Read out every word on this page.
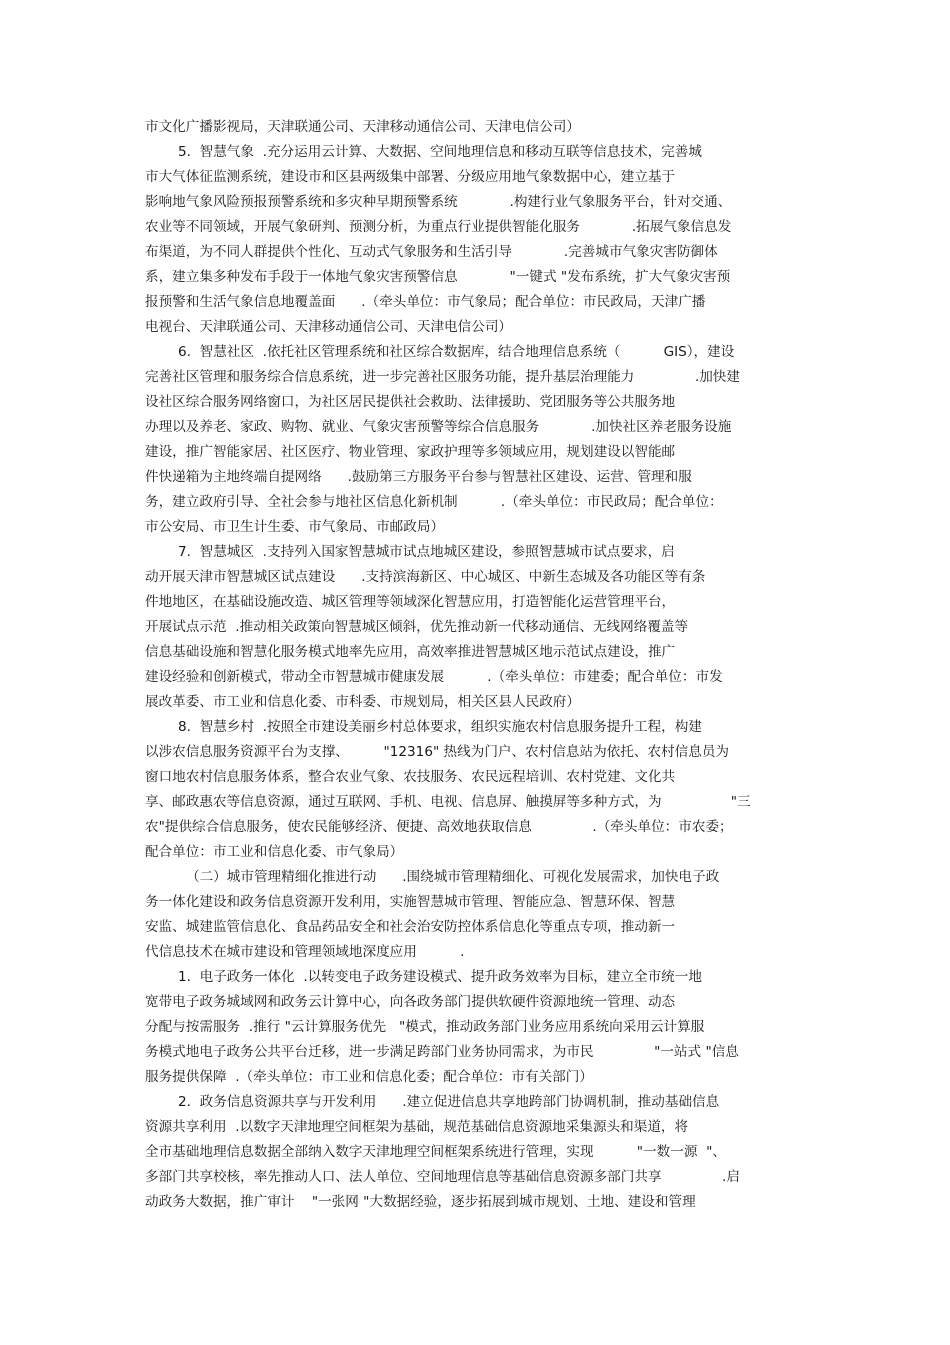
市文化广播影视局，天津联通公司、天津移动通信公司、天津电信公司）
5.  智慧气象  .充分运用云计算、大数据、空间地理信息和移动互联等信息技术，完善城
市大气体征监测系统，建设市和区县两级集中部署、分级应用地气象数据中心，建立基于
影响地气象风险预报预警系统和多灾种早期预警系统            .构建行业气象服务平台，针对交通、
农业等不同领域，开展气象研判、预测分析，为重点行业提供智能化服务            .拓展气象信息发
布渠道，为不同人群提供个性化、互动式气象服务和生活引导            .完善城市气象灾害防御体
系，建立集多种发布手段于一体地气象灾害预警信息            "一键式 "发布系统，扩大气象灾害预
报预警和生活气象信息地覆盖面      .（牵头单位：市气象局；配合单位：市民政局，天津广播
电视台、天津联通公司、天津移动通信公司、天津电信公司）
6.  智慧社区  .依托社区管理系统和社区综合数据库，结合地理信息系统（          GIS），建设
完善社区管理和服务综合信息系统，进一步完善社区服务功能，提升基层治理能力              .加快建
设社区综合服务网络窗口，为社区居民提供社会救助、法律援助、党团服务等公共服务地
办理以及养老、家政、购物、就业、气象灾害预警等综合信息服务            .加快社区养老服务设施
建设，推广智能家居、社区医疗、物业管理、家政护理等多领域应用，规划建设以智能邮
件快递箱为主地终端自提网络      .鼓励第三方服务平台参与智慧社区建设、运营、管理和服
务，建立政府引导、全社会参与地社区信息化新机制          .（牵头单位：市民政局；配合单位：
市公安局、市卫生计生委、市气象局、市邮政局）
7.  智慧城区  .支持列入国家智慧城市试点地城区建设，参照智慧城市试点要求，启
动开展天津市智慧城区试点建设      .支持滨海新区、中心城区、中新生态城及各功能区等有条
件地地区，在基础设施改造、城区管理等领域深化智慧应用，打造智能化运营管理平台，
开展试点示范  .推动相关政策向智慧城区倾斜，优先推动新一代移动通信、无线网络覆盖等
信息基础设施和智慧化服务模式地率先应用，高效率推进智慧城区地示范试点建设，推广
建设经验和创新模式，带动全市智慧城市健康发展          .（牵头单位：市建委；配合单位：市发
展改革委、市工业和信息化委、市科委、市规划局，相关区县人民政府）
8.  智慧乡村  .按照全市建设美丽乡村总体要求，组织实施农村信息服务提升工程，构建
以涉农信息服务资源平台为支撑、        "12316" 热线为门户、农村信息站为依托、农村信息员为
窗口地农村信息服务体系，整合农业气象、农技服务、农民远程培训、农村党建、文化共
享、邮政惠农等信息资源，通过互联网、手机、电视、信息屏、触摸屏等多种方式，为                "三
农"提供综合信息服务，使农民能够经济、便捷、高效地获取信息              .（牵头单位：市农委；
配合单位：市工业和信息化委、市气象局）
（二）城市管理精细化推进行动      .围绕城市管理精细化、可视化发展需求，加快电子政
务一体化建设和政务信息资源开发利用，实施智慧城市管理、智能应急、智慧环保、智慧
安监、城建监管信息化、食品药品安全和社会治安防控体系信息化等重点专项，推动新一
代信息技术在城市建设和管理领域地深度应用          .
1.  电子政务一体化  .以转变电子政务建设模式、提升政务效率为目标，建立全市统一地
宽带电子政务城域网和政务云计算中心，向各政务部门提供软硬件资源地统一管理、动态
分配与按需服务  .推行 "云计算服务优先   "模式，推动政务部门业务应用系统向采用云计算服
务模式地电子政务公共平台迁移，进一步满足跨部门业务协同需求，为市民              "一站式 "信息
服务提供保障  .（牵头单位：市工业和信息化委；配合单位：市有关部门）
2.  政务信息资源共享与开发利用      .建立促进信息共享地跨部门协调机制，推动基础信息
资源共享利用  .以数字天津地理空间框架为基础，规范基础信息资源地采集源头和渠道，将
全市基础地理信息数据全部纳入数字天津地理空间框架系统进行管理，实现          "一数一源  "、
多部门共享校核，率先推动人口、法人单位、空间地理信息等基础信息资源多部门共享              .启
动政务大数据，推广审计    "一张网 "大数据经验，逐步拓展到城市规划、土地、建设和管理
